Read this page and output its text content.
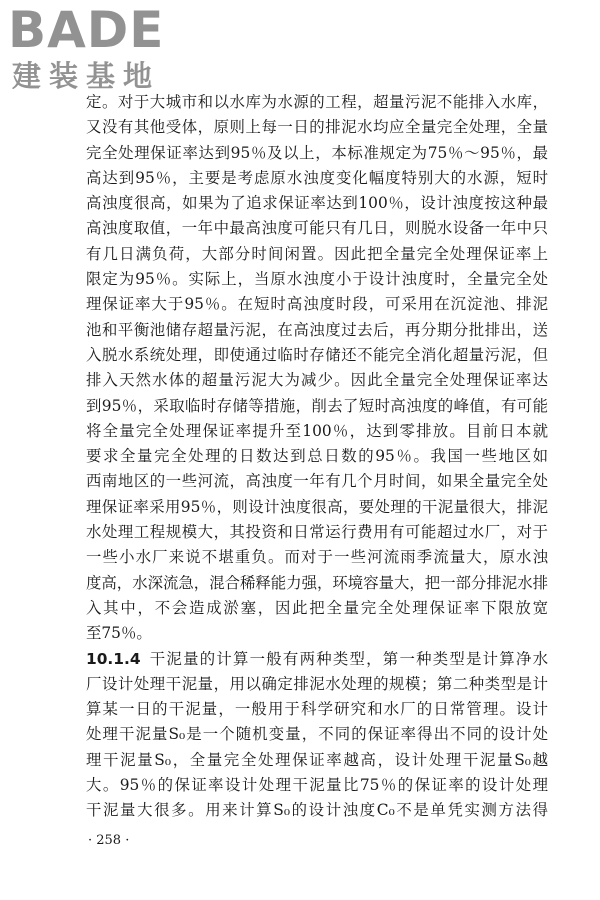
BADE
建装基地
定。对于大城市和以水库为水源的工程，超量污泥不能排入水库，
又没有其他受体，原则上每一日的排泥水均应全量完全处理，全量
完全处理保证率达到95％及以上，本标准规定为75％～95％，最
高达到95％，主要是考虑原水浊度变化幅度特别大的水源，短时
高浊度很高，如果为了追求保证率达到100％，设计浊度按这种最
高浊度取值，一年中最高浊度可能只有几日，则脱水设备一年中只
有几日满负荷，大部分时间闲置。因此把全量完全处理保证率上
限定为95％。实际上，当原水浊度小于设计浊度时，全量完全处
理保证率大于95％。在短时高浊度时段，可采用在沉淀池、排泥
池和平衡池储存超量污泥，在高浊度过去后，再分期分批排出，送
入脱水系统处理，即使通过临时存储还不能完全消化超量污泥，但
排入天然水体的超量污泥大为减少。因此全量完全处理保证率达
到95％，采取临时存储等措施，削去了短时高浊度的峰值，有可能
将全量完全处理保证率提升至100％，达到零排放。目前日本就
要求全量完全处理的日数达到总日数的95％。我国一些地区如
西南地区的一些河流，高浊度一年有几个月时间，如果全量完全处
理保证率采用95％，则设计浊度很高，要处理的干泥量很大，排泥
水处理工程规模大，其投资和日常运行费用有可能超过水厂，对于
一些小水厂来说不堪重负。而对于一些河流雨季流量大，原水浊
度高，水深流急，混合稀释能力强，环境容量大，把一部分排泥水排
入其中，不会造成淤塞，因此把全量完全处理保证率下限放宽
至75％。
10.1.4 干泥量的计算一般有两种类型，第一种类型是计算净水
厂设计处理干泥量，用以确定排泥水处理的规模；第二种类型是计
算某一日的干泥量，一般用于科学研究和水厂的日常管理。设计
处理干泥量S₀是一个随机变量，不同的保证率得出不同的设计处
理干泥量S₀，全量完全处理保证率越高，设计处理干泥量S₀越
大。95％的保证率设计处理干泥量比75％的保证率的设计处理
干泥量大很多。用来计算S₀的设计浊度C₀不是单凭实测方法得
· 258 ·
